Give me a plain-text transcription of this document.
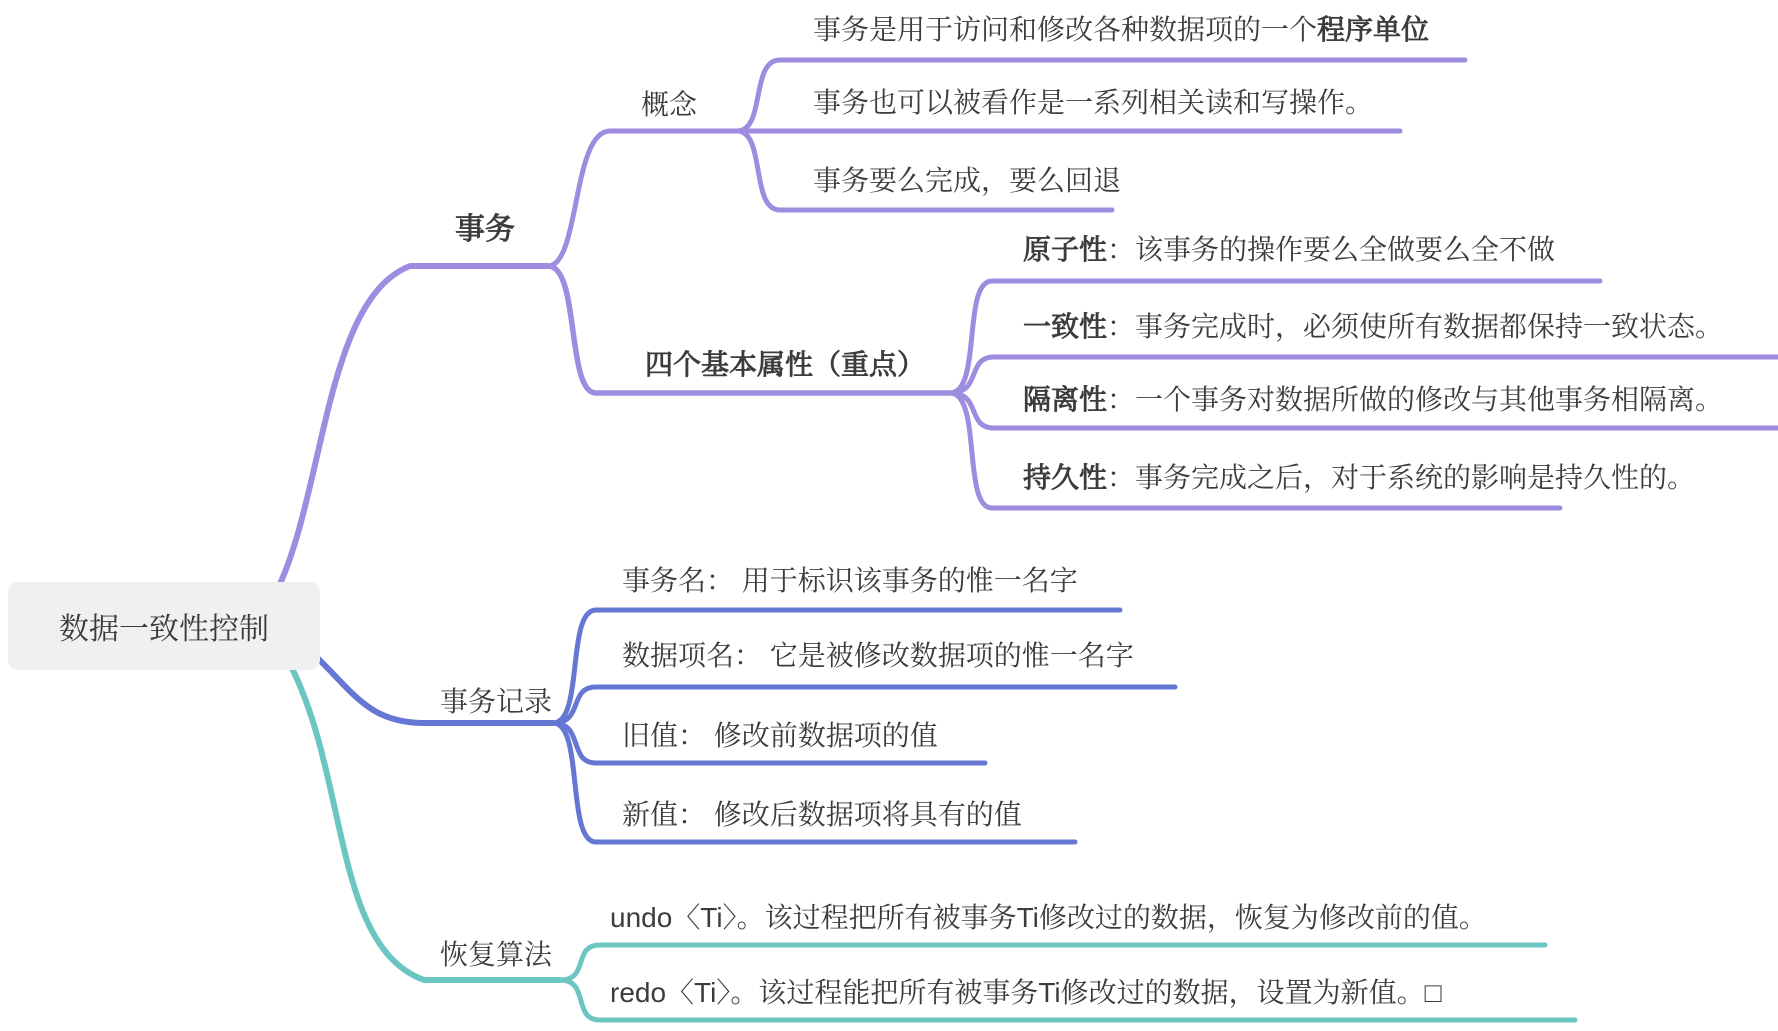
数据一致性控制
事务
概念
事务是用于访问和修改各种数据项的一个程序单位
事务也可以被看作是一系列相关读和写操作。
事务要么完成，要么回退
四个基本属性（重点）
原子性：该事务的操作要么全做要么全不做
一致性：事务完成时，必须使所有数据都保持一致状态。
隔离性：一个事务对数据所做的修改与其他事务相隔离。
持久性：事务完成之后，对于系统的影响是持久性的。
事务记录
事务名： 用于标识该事务的惟一名字
数据项名： 它是被修改数据项的惟一名字
旧值： 修改前数据项的值
新值： 修改后数据项将具有的值
恢复算法
undo〈Ti〉。该过程把所有被事务Ti修改过的数据，恢复为修改前的值。
redo〈Ti〉。该过程能把所有被事务Ti修改过的数据，设置为新值。□
